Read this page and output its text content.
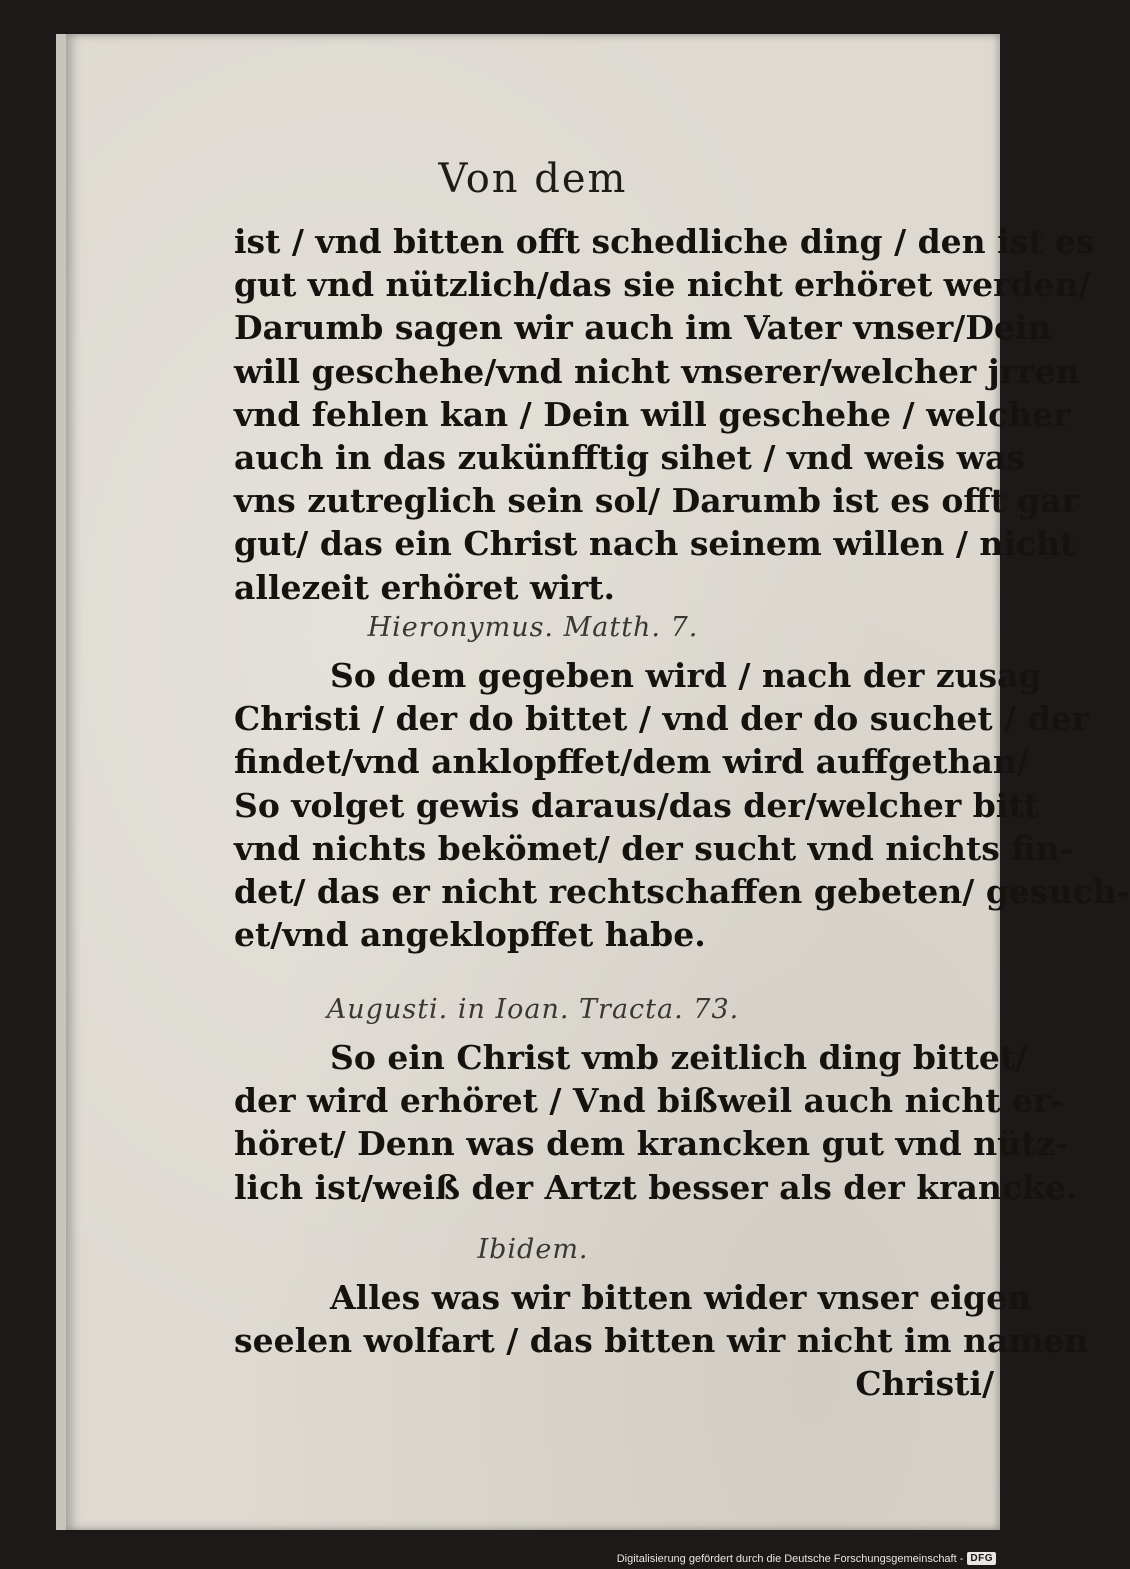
Von dem
ist / vnd bitten offt schedliche ding / den ist es
gut vnd nützlich/das sie nicht erhöret werden/
Darumb sagen wir auch im Vater vnser/Dein
will geschehe/vnd nicht vnserer/welcher jrren
vnd fehlen kan / Dein will geschehe / welcher
auch in das zukünfftig sihet / vnd weis was
vns zutreglich sein sol/ Darumb ist es offt gar
gut/ das ein Christ nach seinem willen / nicht
allezeit erhöret wirt.
Hieronymus. Matth. 7.
So dem gegeben wird / nach der zusag
Christi / der do bittet / vnd der do suchet / der
findet/vnd anklopffet/dem wird auffgethan/
So volget gewis daraus/das der/welcher bitt
vnd nichts bekömet/ der sucht vnd nichts fin-
det/ das er nicht rechtschaffen gebeten/ gesuch-
et/vnd angeklopffet habe.
Augusti. in Ioan. Tracta. 73.
So ein Christ vmb zeitlich ding bittet/
der wird erhöret / Vnd bißweil auch nicht er-
höret/ Denn was dem krancken gut vnd nütz-
lich ist/weiß der Artzt besser als der krancke.
Ibidem.
Alles was wir bitten wider vnser eigen
seelen wolfart / das bitten wir nicht im namen
Christi/
Digitalisierung gefördert durch die Deutsche Forschungsgemeinschaft - DFG
